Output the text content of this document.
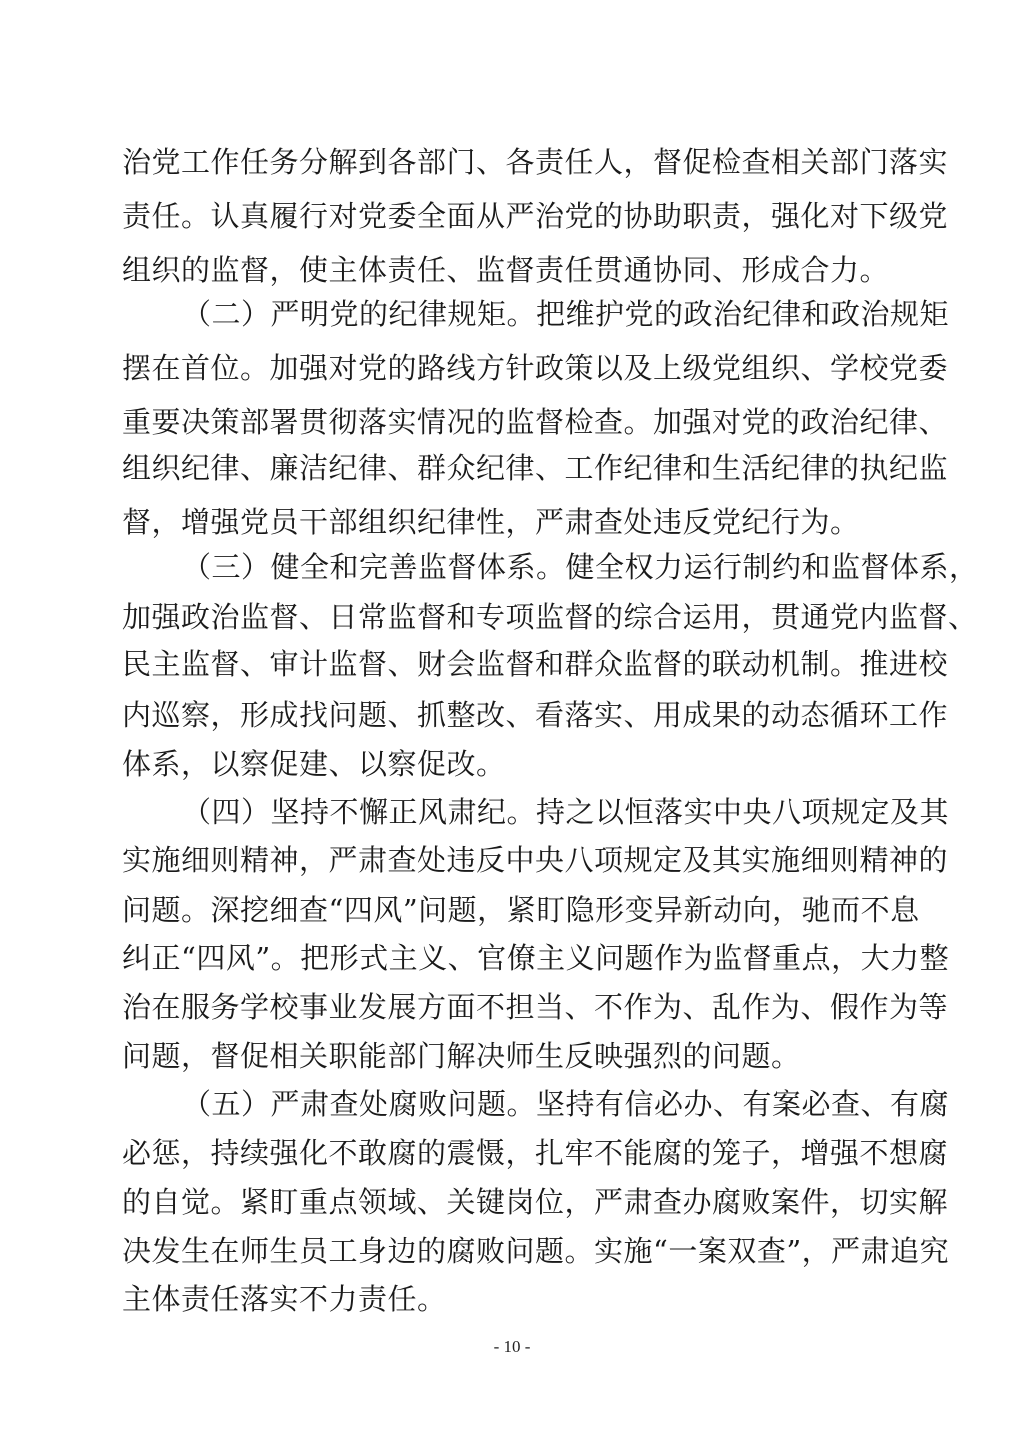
治党工作任务分解到各部门、各责任人，督促检查相关部门落实
责任。认真履行对党委全面从严治党的协助职责，强化对下级党
组织的监督，使主体责任、监督责任贯通协同、形成合力。
（二）严明党的纪律规矩。把维护党的政治纪律和政治规矩
摆在首位。加强对党的路线方针政策以及上级党组织、学校党委
重要决策部署贯彻落实情况的监督检查。加强对党的政治纪律、
组织纪律、廉洁纪律、群众纪律、工作纪律和生活纪律的执纪监
督，增强党员干部组织纪律性，严肃查处违反党纪行为。
（三）健全和完善监督体系。健全权力运行制约和监督体系，
加强政治监督、日常监督和专项监督的综合运用，贯通党内监督、
民主监督、审计监督、财会监督和群众监督的联动机制。推进校
内巡察，形成找问题、抓整改、看落实、用成果的动态循环工作
体系，以察促建、以察促改。
（四）坚持不懈正风肃纪。持之以恒落实中央八项规定及其
实施细则精神，严肃查处违反中央八项规定及其实施细则精神的
问题。深挖细查“四风”问题，紧盯隐形变异新动向，驰而不息
纠正“四风”。把形式主义、官僚主义问题作为监督重点，大力整
治在服务学校事业发展方面不担当、不作为、乱作为、假作为等
问题，督促相关职能部门解决师生反映强烈的问题。
（五）严肃查处腐败问题。坚持有信必办、有案必查、有腐
必惩，持续强化不敢腐的震慑，扎牢不能腐的笼子，增强不想腐
的自觉。紧盯重点领域、关键岗位，严肃查办腐败案件，切实解
决发生在师生员工身边的腐败问题。实施“一案双查”，严肃追究
主体责任落实不力责任。
- 10 -
